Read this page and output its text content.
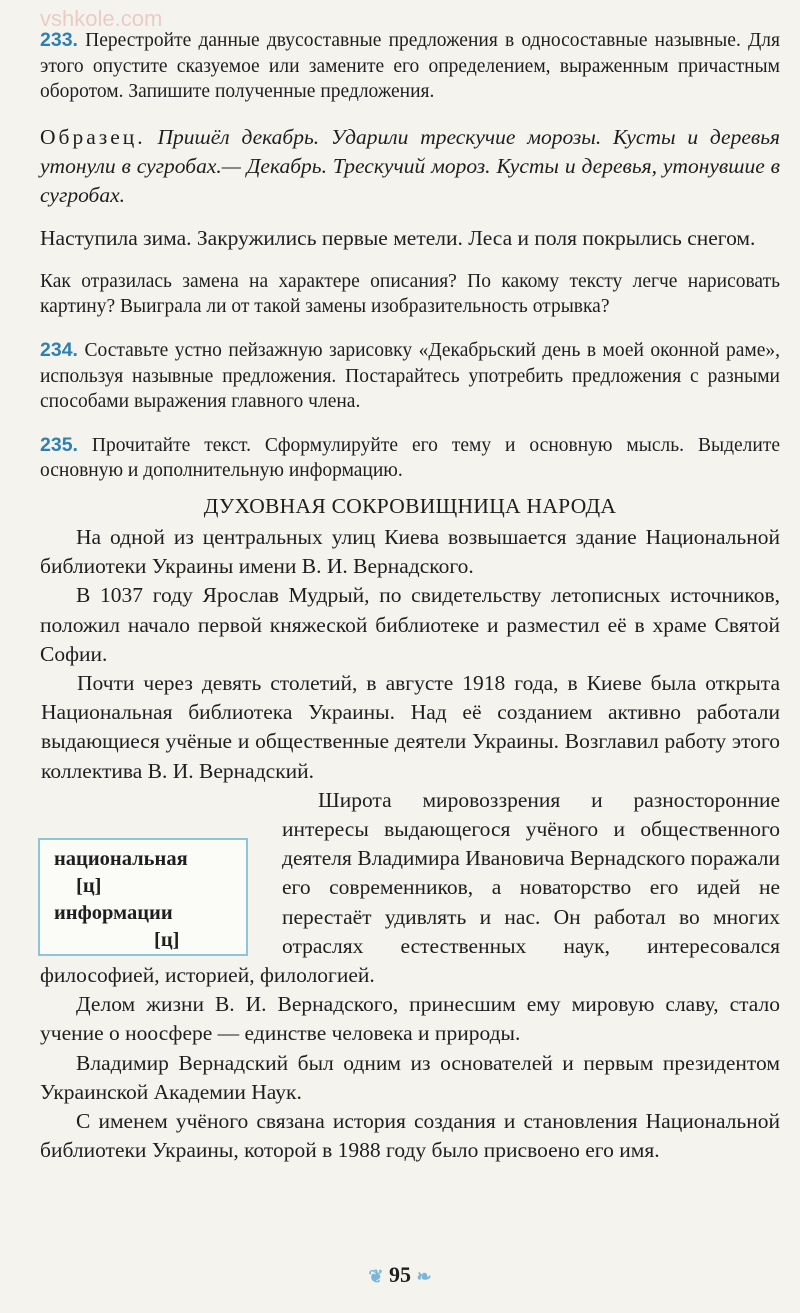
233. Перестройте данные двусоставные предложения в односоставные назывные. Для этого опустите сказуемое или замените его определением, выраженным причастным оборотом. Запишите полученные предложения.

Образец. Пришёл декабрь. Ударили трескучие морозы. Кусты и деревья утонули в сугробах.— Декабрь. Трескучий мороз. Кусты и деревья, утонувшие в сугробах.

Наступила зима. Закружились первые метели. Леса и поля покрылись снегом.

Как отразилась замена на характере описания? По какому тексту легче нарисовать картину? Выиграла ли от такой замены изобразительность отрывка?

234. Составьте устно пейзажную зарисовку «Декабрьский день в моей оконной раме», используя назывные предложения. Постарайтесь употребить предложения с разными способами выражения главного члена.

235. Прочитайте текст. Сформулируйте его тему и основную мысль. Выделите основную и дополнительную информацию.

ДУХОВНАЯ СОКРОВИЩНИЦА НАРОДА

На одной из центральных улиц Киева возвышается здание Национальной библиотеки Украины имени В. И. Вернадского.

В 1037 году Ярослав Мудрый, по свидетельству летописных источников, положил начало первой княжеской библиотеке и разместил её в храме Святой Софии.

Почти через девять столетий, в августе 1918 года, в Киеве была открыта Национальная библиотека Украины. Над её созданием активно работали выдающиеся учёные и общественные деятели Украины. Возглавил работу этого коллектива В. И. Вернадский.

Широта мировоззрения и разносторонние интересы выдающегося учёного и общественного деятеля Владимира Ивановича Вернадского поражали его современников, а новаторство его идей не перестаёт удивлять и нас. Он работал во многих отраслях естественных наук, интересовался философией, историей, филологией.

Делом жизни В. И. Вернадского, принесшим ему мировую славу, стало учение о ноосфере — единстве человека и природы.

Владимир Вернадский был одним из основателей и первым президентом Украинской Академии Наук.

С именем учёного связана история создания и становления Национальной библиотеки Украины, которой в 1988 году было присвоено его имя.

национальная
[ц]
информации
[ц]
❦ 95 ❧
vshkole.com
